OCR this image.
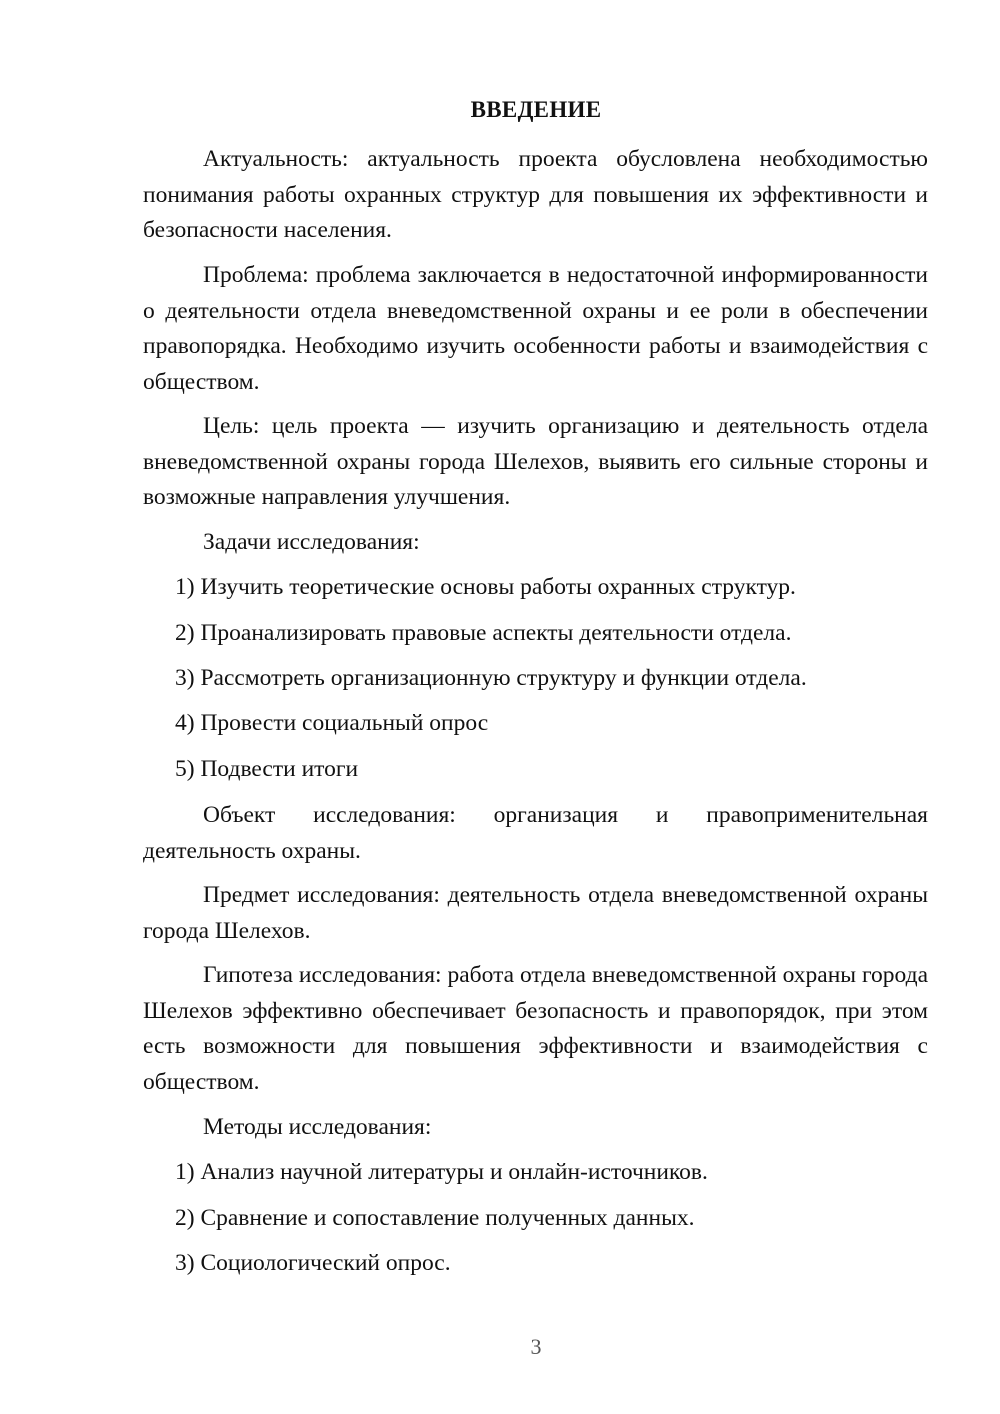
ВВЕДЕНИЕ

Актуальность: актуальность проекта обусловлена необходимостью понимания работы охранных структур для повышения их эффективности и безопасности населения.

Проблема: проблема заключается в недостаточной информированности о деятельности отдела вневедомственной охраны и ее роли в обеспечении правопорядка. Необходимо изучить особенности работы и взаимодействия с обществом.

Цель: цель проекта — изучить организацию и деятельность отдела вневедомственной охраны города Шелехов, выявить его сильные стороны и возможные направления улучшения.

Задачи исследования:

1) Изучить теоретические основы работы охранных структур.
2) Проанализировать правовые аспекты деятельности отдела.
3) Рассмотреть организационную структуру и функции отдела.
4) Провести социальный опрос
5) Подвести итоги

Объект исследования: организация и правоприменительная деятельность охраны.

Предмет исследования: деятельность отдела вневедомственной охраны города Шелехов.

Гипотеза исследования: работа отдела вневедомственной охраны города Шелехов эффективно обеспечивает безопасность и правопорядок, при этом есть возможности для повышения эффективности и взаимодействия с обществом.

Методы исследования:

1) Анализ научной литературы и онлайн-источников.
2) Сравнение и сопоставление полученных данных.
3) Социологический опрос.
3
